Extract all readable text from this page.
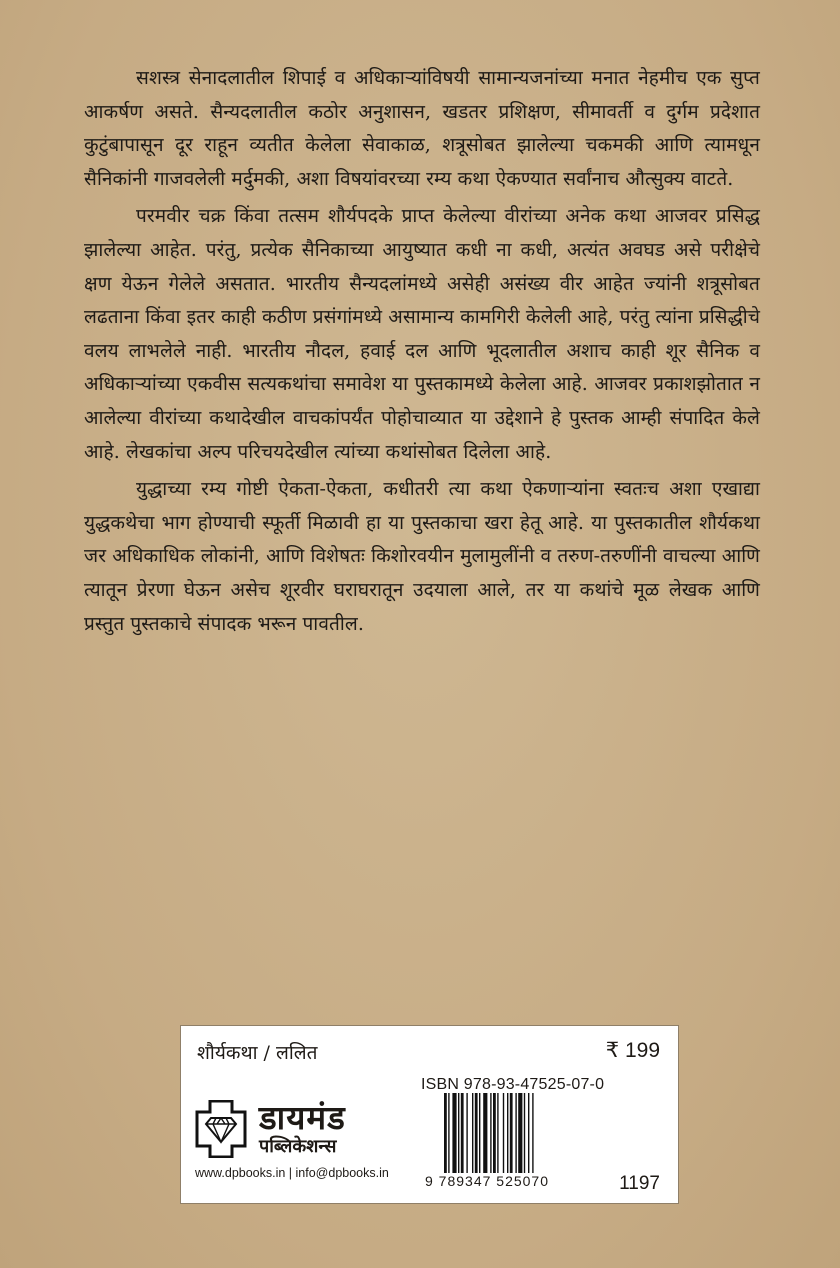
सशस्त्र सेनादलातील शिपाई व अधिकाऱ्यांविषयी सामान्यजनांच्या मनात नेहमीच एक सुप्त आकर्षण असते. सैन्यदलातील कठोर अनुशासन, खडतर प्रशिक्षण, सीमावर्ती व दुर्गम प्रदेशात कुटुंबापासून दूर राहून व्यतीत केलेला सेवाकाळ, शत्रूसोबत झालेल्या चकमकी आणि त्यामधून सैनिकांनी गाजवलेली मर्दुमकी, अशा विषयांवरच्या रम्य कथा ऐकण्यात सर्वांनाच औत्सुक्य वाटते.

परमवीर चक्र किंवा तत्सम शौर्यपदके प्राप्त केलेल्या वीरांच्या अनेक कथा आजवर प्रसिद्ध झालेल्या आहेत. परंतु, प्रत्येक सैनिकाच्या आयुष्यात कधी ना कधी, अत्यंत अवघड असे परीक्षेचे क्षण येऊन गेलेले असतात. भारतीय सैन्यदलांमध्ये असेही असंख्य वीर आहेत ज्यांनी शत्रूसोबत लढताना किंवा इतर काही कठीण प्रसंगांमध्ये असामान्य कामगिरी केलेली आहे, परंतु त्यांना प्रसिद्धीचे वलय लाभलेले नाही. भारतीय नौदल, हवाई दल आणि भूदलातील अशाच काही शूर सैनिक व अधिकाऱ्यांच्या एकवीस सत्यकथांचा समावेश या पुस्तकामध्ये केलेला आहे. आजवर प्रकाशझोतात न आलेल्या वीरांच्या कथादेखील वाचकांपर्यंत पोहोचाव्यात या उद्देशाने हे पुस्तक आम्ही संपादित केले आहे. लेखकांचा अल्प परिचयदेखील त्यांच्या कथांसोबत दिलेला आहे.

युद्धाच्या रम्य गोष्टी ऐकता-ऐकता, कधीतरी त्या कथा ऐकणाऱ्यांना स्वतःच अशा एखाद्या युद्धकथेचा भाग होण्याची स्फूर्ती मिळावी हा या पुस्तकाचा खरा हेतू आहे. या पुस्तकातील शौर्यकथा जर अधिकाधिक लोकांनी, आणि विशेषतः किशोरवयीन मुलामुलींनी व तरुण-तरुणींनी वाचल्या आणि त्यातून प्रेरणा घेऊन असेच शूरवीर घराघरातून उदयाला आले, तर या कथांचे मूळ लेखक आणि प्रस्तुत पुस्तकाचे संपादक भरून पावतील.

शौर्यकथा / ललित	₹ 199
ISBN 978-93-47525-07-0
डायमंड
पब्लिकेशन्स
www.dpbooks.in | info@dpbooks.in	9 789347 525070	1197
